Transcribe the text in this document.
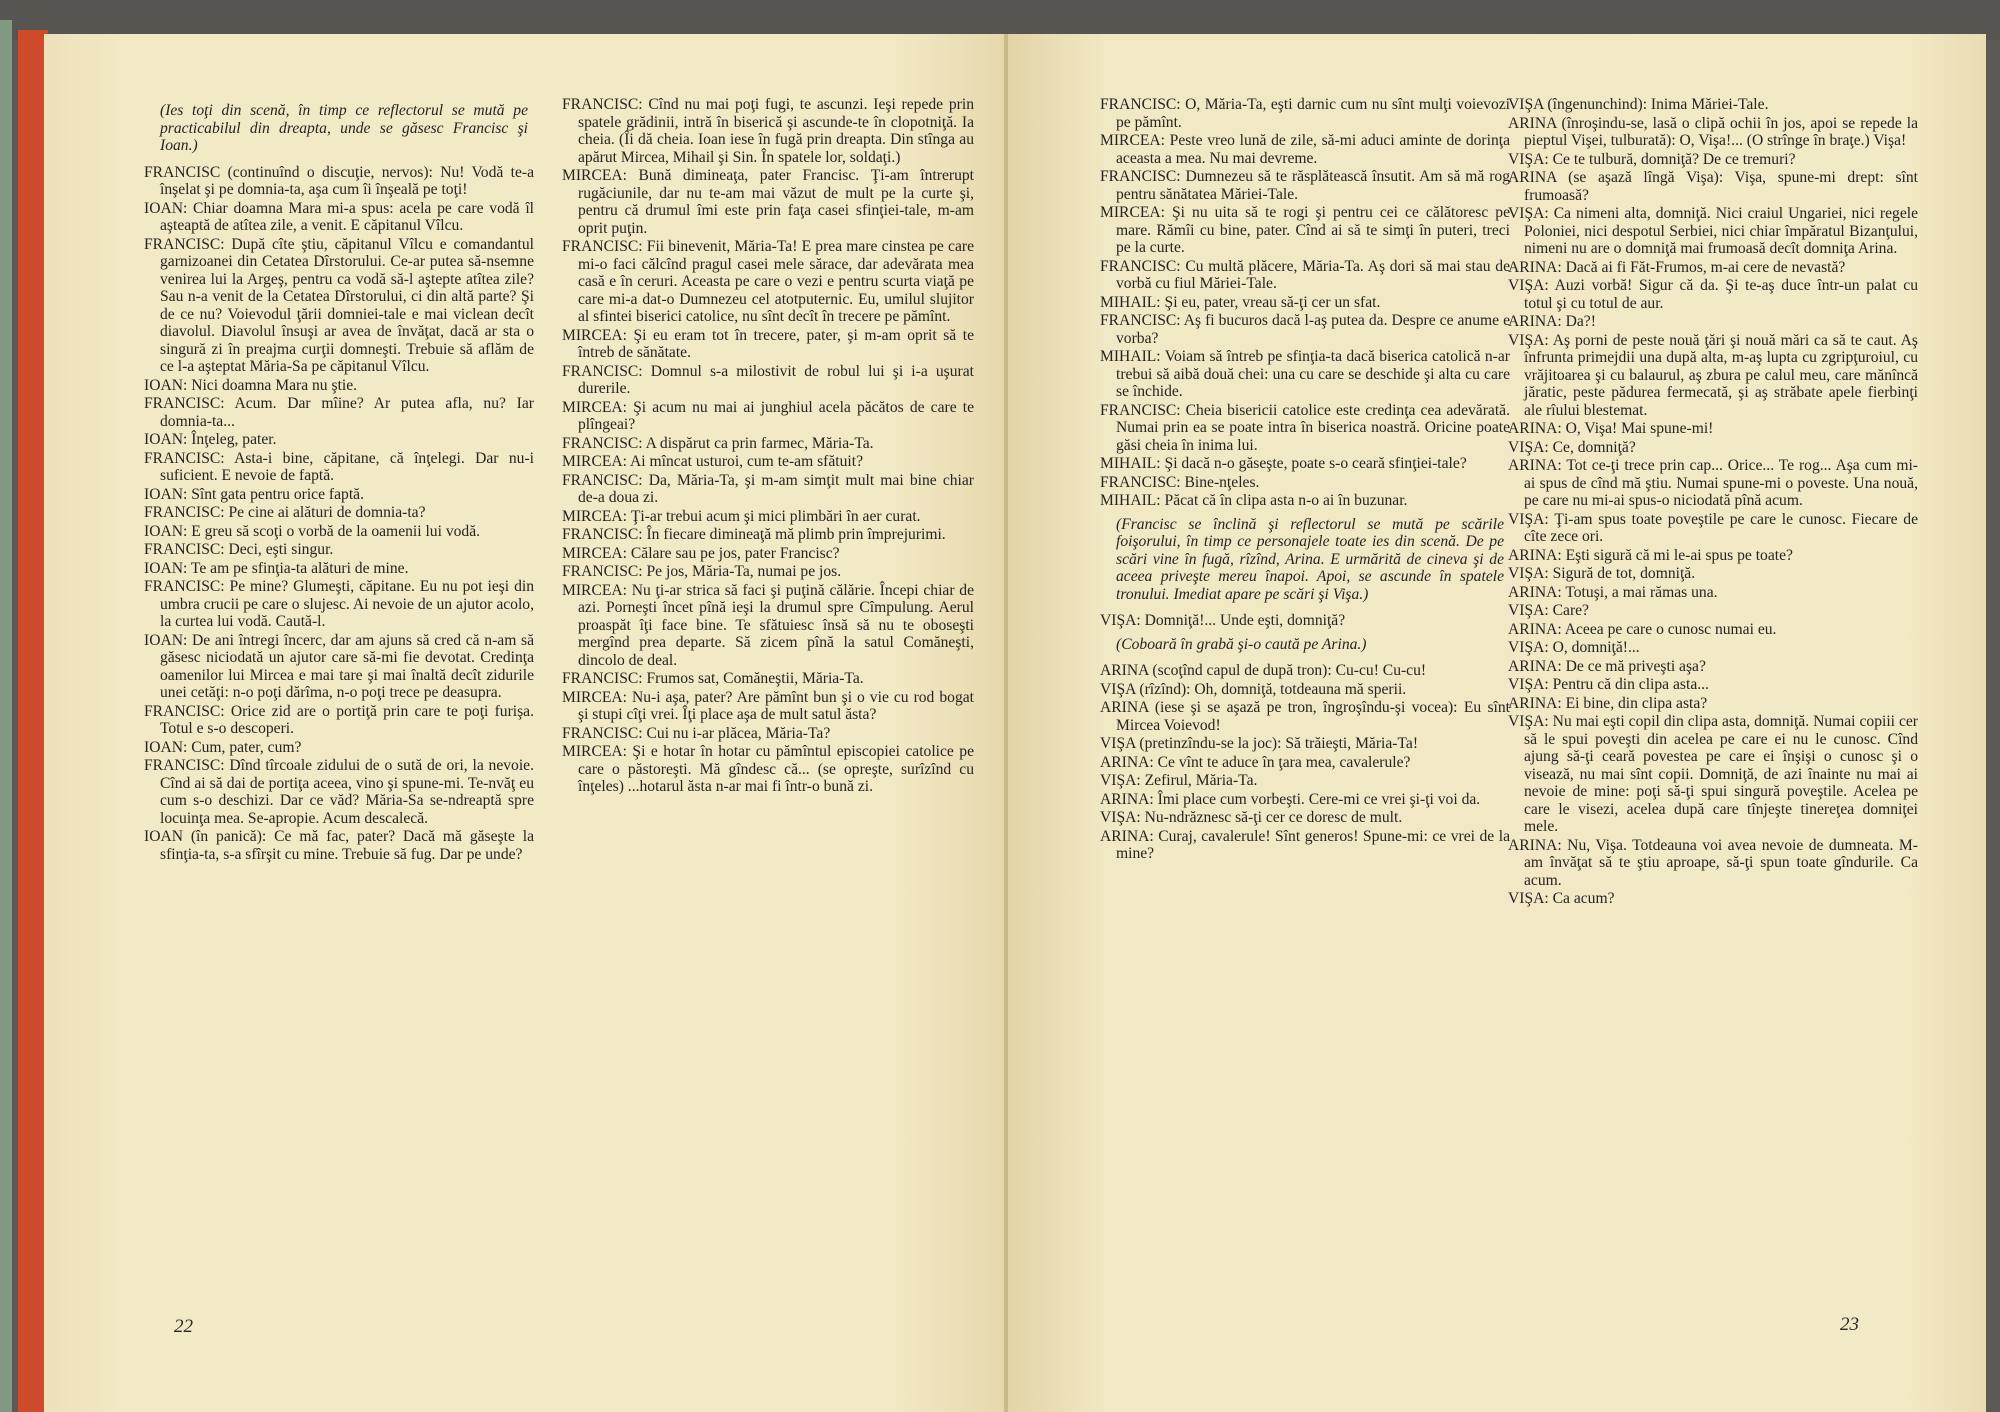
(Ies toţi din scenă, în timp ce reflectorul se mută pe practicabilul din dreapta, unde se găsesc Francisc şi Ioan.)

FRANCISC (continuînd o discuţie, nervos): Nu! Vodă te-a înşelat şi pe domnia-ta, aşa cum îi înşeală pe toţi!

IOAN: Chiar doamna Mara mi-a spus: acela pe care vodă îl aşteaptă de atîtea zile, a venit. E căpitanul Vîlcu.

FRANCISC: După cîte ştiu, căpitanul Vîlcu e comandantul garnizoanei din Cetatea Dîrstorului. Ce-ar putea să-nsemne venirea lui la Argeş, pentru ca vodă să-l aştepte atîtea zile? Sau n-a venit de la Cetatea Dîrstorului, ci din altă parte? Şi de ce nu? Voievodul ţării domniei-tale e mai viclean decît diavolul. Diavolul însuşi ar avea de învăţat, dacă ar sta o singură zi în preajma curţii domneşti. Trebuie să aflăm de ce l-a aşteptat Măria-Sa pe căpitanul Vîlcu.

IOAN: Nici doamna Mara nu ştie.

FRANCISC: Acum. Dar mîine? Ar putea afla, nu? Iar domnia-ta...

IOAN: Înţeleg, pater.

FRANCISC: Asta-i bine, căpitane, că înţelegi. Dar nu-i suficient. E nevoie de faptă.

IOAN: Sînt gata pentru orice faptă.

FRANCISC: Pe cine ai alături de domnia-ta?

IOAN: E greu să scoţi o vorbă de la oamenii lui vodă.

FRANCISC: Deci, eşti singur.

IOAN: Te am pe sfinţia-ta alături de mine.

FRANCISC: Pe mine? Glumeşti, căpitane. Eu nu pot ieşi din umbra crucii pe care o slujesc. Ai nevoie de un ajutor acolo, la curtea lui vodă. Caută-l.

IOAN: De ani întregi încerc, dar am ajuns să cred că n-am să găsesc niciodată un ajutor care să-mi fie devotat. Credinţa oamenilor lui Mircea e mai tare şi mai înaltă decît zidurile unei cetăţi: n-o poţi dărîma, n-o poţi trece pe deasupra.

FRANCISC: Orice zid are o portiţă prin care te poţi furişa. Totul e s-o descoperi.

IOAN: Cum, pater, cum?

FRANCISC: Dînd tîrcoale zidului de o sută de ori, la nevoie. Cînd ai să dai de portiţa aceea, vino şi spune-mi. Te-nvăţ eu cum s-o deschizi. Dar ce văd? Măria-Sa se-ndreaptă spre locuinţa mea. Se-apropie. Acum descalecă.

IOAN (în panică): Ce mă fac, pater? Dacă mă găseşte la sfinţia-ta, s-a sfîrşit cu mine. Trebuie să fug. Dar pe unde?

FRANCISC: Cînd nu mai poţi fugi, te ascunzi. Ieşi repede prin spatele grădinii, intră în biserică şi ascunde-te în clopotniţă. Ia cheia. (Îi dă cheia. Ioan iese în fugă prin dreapta. Din stînga au apărut Mircea, Mihail şi Sin. În spatele lor, soldaţi.)

MIRCEA: Bună dimineaţa, pater Francisc. Ţi-am întrerupt rugăciunile, dar nu te-am mai văzut de mult pe la curte şi, pentru că drumul îmi este prin faţa casei sfinţiei-tale, m-am oprit puţin.

FRANCISC: Fii binevenit, Măria-Ta! E prea mare cinstea pe care mi-o faci călcînd pragul casei mele sărace, dar adevărata mea casă e în ceruri. Aceasta pe care o vezi e pentru scurta viaţă pe care mi-a dat-o Dumnezeu cel atotputernic. Eu, umilul slujitor al sfintei biserici catolice, nu sînt decît în trecere pe pămînt.

MIRCEA: Şi eu eram tot în trecere, pater, şi m-am oprit să te întreb de sănătate.

FRANCISC: Domnul s-a milostivit de robul lui şi i-a uşurat durerile.

MIRCEA: Şi acum nu mai ai junghiul acela păcătos de care te plîngeai?

FRANCISC: A dispărut ca prin farmec, Măria-Ta.

MIRCEA: Ai mîncat usturoi, cum te-am sfătuit?

FRANCISC: Da, Măria-Ta, şi m-am simţit mult mai bine chiar de-a doua zi.

MIRCEA: Ţi-ar trebui acum şi mici plimbări în aer curat.

FRANCISC: În fiecare dimineaţă mă plimb prin împrejurimi.

MIRCEA: Călare sau pe jos, pater Francisc?

FRANCISC: Pe jos, Măria-Ta, numai pe jos.

MIRCEA: Nu ţi-ar strica să faci şi puţină călărie. Începi chiar de azi. Porneşti încet pînă ieşi la drumul spre Cîmpulung. Aerul proaspăt îţi face bine. Te sfătuiesc însă să nu te oboseşti mergînd prea departe. Să zicem pînă la satul Comăneşti, dincolo de deal.

FRANCISC: Frumos sat, Comăneştii, Măria-Ta.

MIRCEA: Nu-i aşa, pater? Are pămînt bun şi o vie cu rod bogat şi stupi cîţi vrei. Îţi place aşa de mult satul ăsta?

FRANCISC: Cui nu i-ar plăcea, Măria-Ta?

MIRCEA: Şi e hotar în hotar cu pămîntul episcopiei catolice pe care o păstoreşti. Mă gîndesc că... (se opreşte, surîzînd cu înţeles) ...hotarul ăsta n-ar mai fi într-o bună zi.

22

FRANCISC: O, Măria-Ta, eşti darnic cum nu sînt mulţi voievozi pe pămînt.

MIRCEA: Peste vreo lună de zile, să-mi aduci aminte de dorinţa aceasta a mea. Nu mai devreme.

FRANCISC: Dumnezeu să te răsplătească însutit. Am să mă rog pentru sănătatea Măriei-Tale.

MIRCEA: Şi nu uita să te rogi şi pentru cei ce călătoresc pe mare. Rămîi cu bine, pater. Cînd ai să te simţi în puteri, treci pe la curte.

FRANCISC: Cu multă plăcere, Măria-Ta. Aş dori să mai stau de vorbă cu fiul Măriei-Tale.

MIHAIL: Şi eu, pater, vreau să-ţi cer un sfat.

FRANCISC: Aş fi bucuros dacă l-aş putea da. Despre ce anume e vorba?

MIHAIL: Voiam să întreb pe sfinţia-ta dacă biserica catolică n-ar trebui să aibă două chei: una cu care se deschide şi alta cu care se închide.

FRANCISC: Cheia bisericii catolice este credinţa cea adevărată. Numai prin ea se poate intra în biserica noastră. Oricine poate găsi cheia în inima lui.

MIHAIL: Şi dacă n-o găseşte, poate s-o ceară sfinţiei-tale?

FRANCISC: Bine-nţeles.

MIHAIL: Păcat că în clipa asta n-o ai în buzunar.

(Francisc se înclină şi reflectorul se mută pe scările foişorului, în timp ce personajele toate ies din scenă. De pe scări vine în fugă, rîzînd, Arina. E urmărită de cineva şi de aceea priveşte mereu înapoi. Apoi, se ascunde în spatele tronului. Imediat apare pe scări şi Vişa.)

VIŞA: Domniţă!... Unde eşti, domniţă?

(Coboară în grabă şi-o caută pe Arina.)

ARINA (scoţînd capul de după tron): Cu-cu! Cu-cu!

VIŞA (rîzînd): Oh, domniţă, totdeauna mă sperii.

ARINA (iese şi se aşază pe tron, îngroşîndu-şi vocea): Eu sînt Mircea Voievod!

VIŞA (pretinzîndu-se la joc): Să trăieşti, Măria-Ta!

ARINA: Ce vînt te aduce în ţara mea, cavalerule?

VIŞA: Zefirul, Măria-Ta.

ARINA: Îmi place cum vorbeşti. Cere-mi ce vrei şi-ţi voi da.

VIŞA: Nu-ndrăznesc să-ţi cer ce doresc de mult.

ARINA: Curaj, cavalerule! Sînt generos! Spune-mi: ce vrei de la mine?

VIŞA (îngenunchind): Inima Măriei-Tale.

ARINA (înroşindu-se, lasă o clipă ochii în jos, apoi se repede la pieptul Vişei, tulburată): O, Vişa!... (O strînge în braţe.) Vişa!

VIŞA: Ce te tulbură, domniţă? De ce tremuri?

ARINA (se aşază lîngă Vişa): Vişa, spune-mi drept: sînt frumoasă?

VIŞA: Ca nimeni alta, domniţă. Nici craiul Ungariei, nici regele Poloniei, nici despotul Serbiei, nici chiar împăratul Bizanţului, nimeni nu are o domniţă mai frumoasă decît domniţa Arina.

ARINA: Dacă ai fi Făt-Frumos, m-ai cere de nevastă?

VIŞA: Auzi vorbă! Sigur că da. Şi te-aş duce într-un palat cu totul şi cu totul de aur.

ARINA: Da?!

VIŞA: Aş porni de peste nouă ţări şi nouă mări ca să te caut. Aş înfrunta primejdii una după alta, m-aş lupta cu zgripţuroiul, cu vrăjitoarea şi cu balaurul, aş zbura pe calul meu, care mănîncă jăratic, peste pădurea fermecată, şi aş străbate apele fierbinţi ale rîului blestemat.

ARINA: O, Vişa! Mai spune-mi!

VIŞA: Ce, domniţă?

ARINA: Tot ce-ţi trece prin cap... Orice... Te rog... Aşa cum mi-ai spus de cînd mă ştiu. Numai spune-mi o poveste. Una nouă, pe care nu mi-ai spus-o niciodată pînă acum.

VIŞA: Ţi-am spus toate poveştile pe care le cunosc. Fiecare de cîte zece ori.

ARINA: Eşti sigură că mi le-ai spus pe toate?

VIŞA: Sigură de tot, domniţă.

ARINA: Totuşi, a mai rămas una.

VIŞA: Care?

ARINA: Aceea pe care o cunosc numai eu.

VIŞA: O, domniţă!...

ARINA: De ce mă priveşti aşa?

VIŞA: Pentru că din clipa asta...

ARINA: Ei bine, din clipa asta?

VIŞA: Nu mai eşti copil din clipa asta, domniţă. Numai copiii cer să le spui poveşti din acelea pe care ei nu le cunosc. Cînd ajung să-ţi ceară povestea pe care ei înşişi o cunosc şi o visează, nu mai sînt copii. Domniţă, de azi înainte nu mai ai nevoie de mine: poţi să-ţi spui singură poveştile. Acelea pe care le visezi, acelea după care tînjeşte tinereţea domniţei mele.

ARINA: Nu, Vişa. Totdeauna voi avea nevoie de dumneata. M-am învăţat să te ştiu aproape, să-ţi spun toate gîndurile. Ca acum.

VIŞA: Ca acum?

23
